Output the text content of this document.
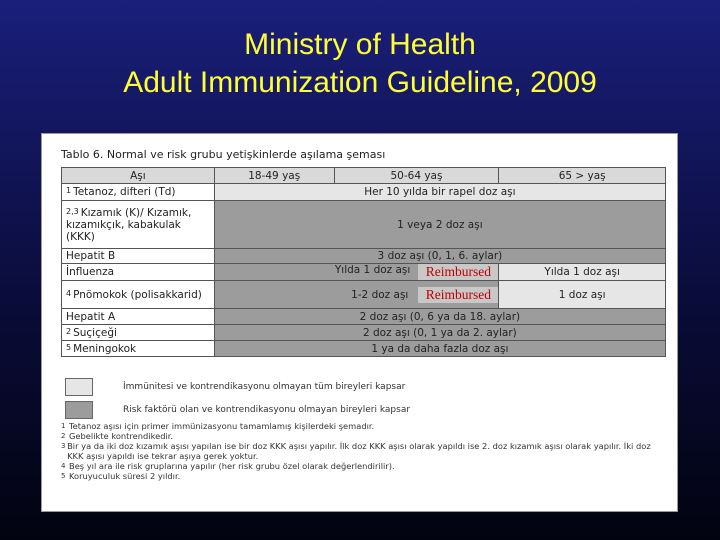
Ministry of Health
Adult Immunization Guideline, 2009
Tablo 6. Normal ve risk grubu yetişkinlerde aşılama şeması
Aşı	18-49 yaş	50-64 yaş	65 > yaş
$^1$ Tetanoz, difteri (Td)	Her 10 yılda bir rapel doz aşı		
$^{2,3}$ Kızamık (K)/ Kızamık, kızamıkçık, kabakulak (KKK)	1 veya 2 doz aşı		
Hepatit B	3 doz aşı (0, 1, 6. aylar)		
İnfluenza	Yılda 1 doz aşı Reimbursed		Yılda 1 doz aşı
$^4$ Pnömokok (polisakkarid)	1-2 doz aşı Reimbursed		1 doz aşı
Hepatit A	2 doz aşı (0, 6 ya da 18. aylar)		
$^2$ Suçiçeği	2 doz aşı (0, 1 ya da 2. aylar)		
$^5$ Meningokok	1 ya da daha fazla doz aşı		
İmmünitesi ve kontrendikasyonu olmayan tüm bireyleri kapsar
Risk faktörü olan ve kontrendikasyonu olmayan bireyleri kapsar
1 Tetanoz aşısı için primer immünizasyonu tamamlamış kişilerdeki şemadır.
2 Gebelikte kontrendikedir.
3 Bir ya da iki doz kızamık aşısı yapılan ise bir doz KKK aşısı yapılır. İlk doz KKK aşısı olarak yapıldı ise 2. doz kızamık aşısı olarak yapılır. İki doz KKK aşısı yapıldı ise tekrar aşıya gerek yoktur.
4 Beş yıl ara ile risk gruplarına yapılır (her risk grubu özel olarak değerlendirilir).
5 Koruyuculuk süresi 2 yıldır.
